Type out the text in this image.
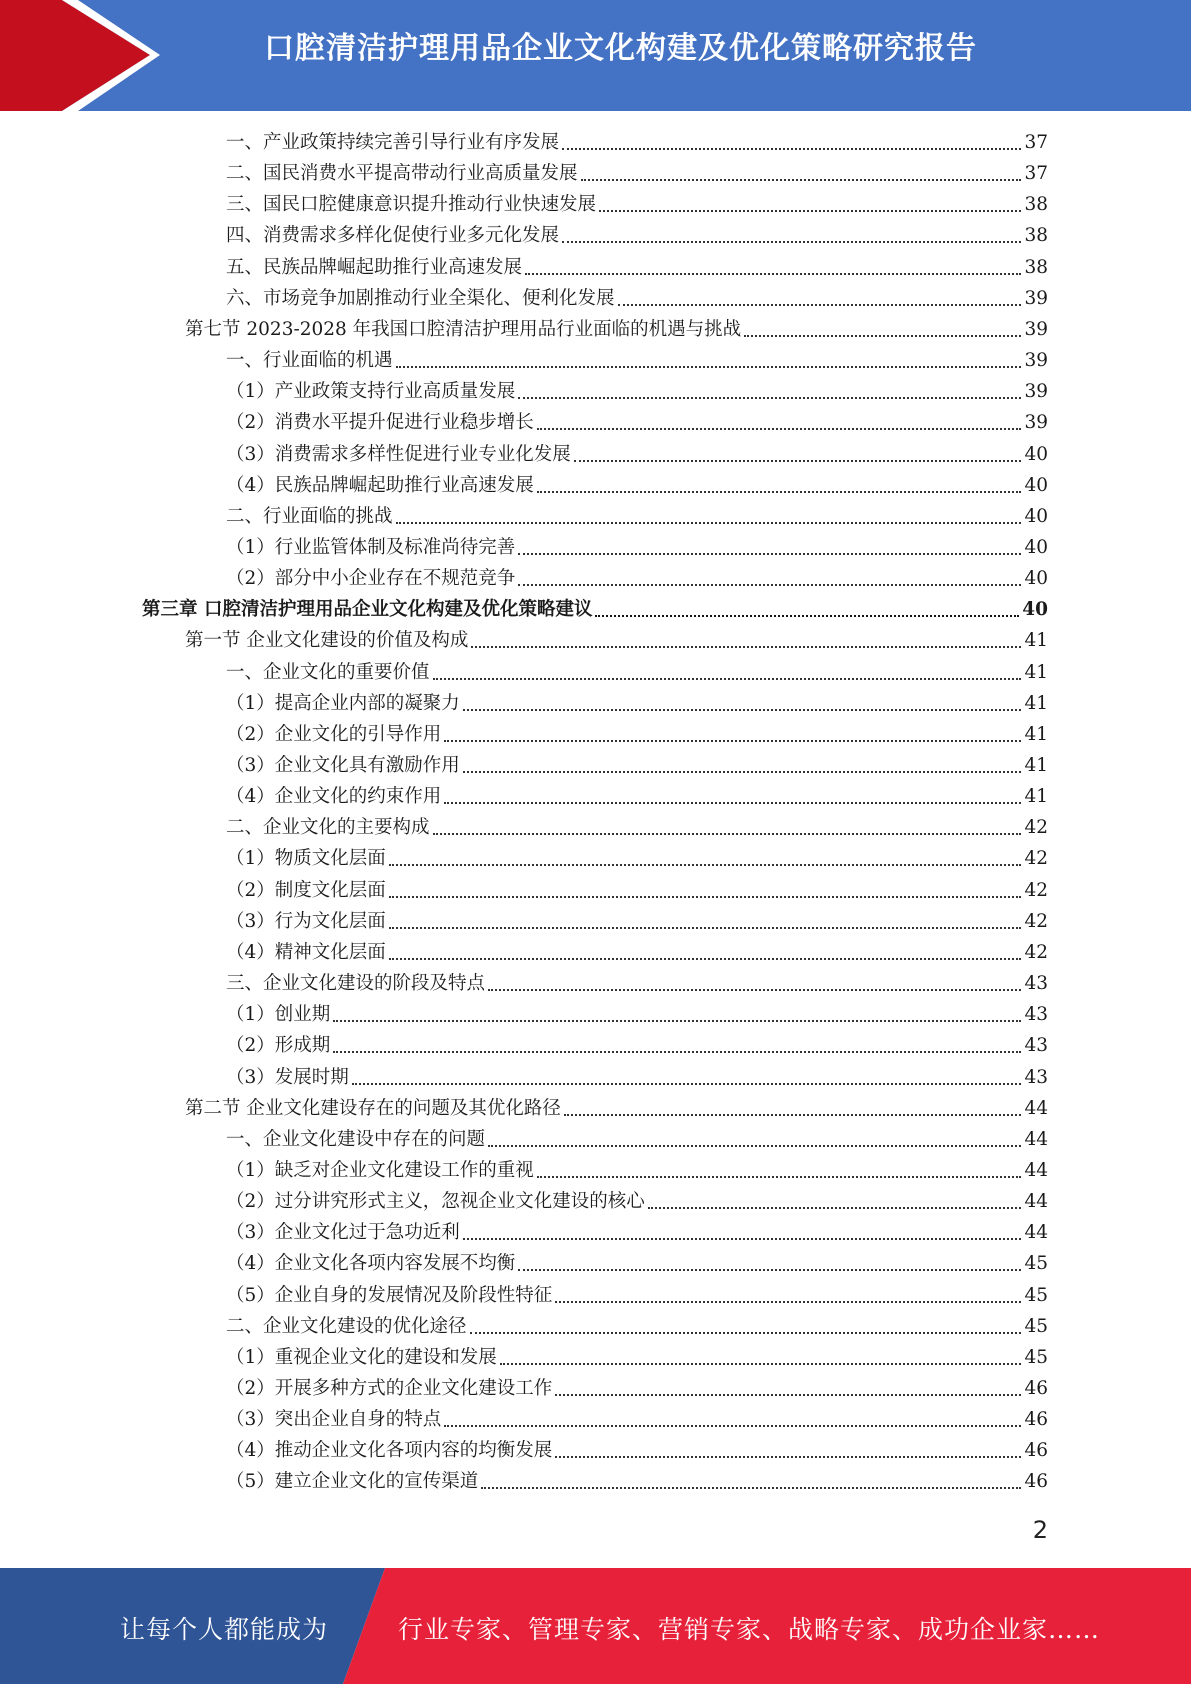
口腔清洁护理用品企业文化构建及优化策略研究报告
一、产业政策持续完善引导行业有序发展	37
二、国民消费水平提高带动行业高质量发展	37
三、国民口腔健康意识提升推动行业快速发展	38
四、消费需求多样化促使行业多元化发展	38
五、民族品牌崛起助推行业高速发展	38
六、市场竞争加剧推动行业全渠化、便利化发展	39
第七节 2023-2028 年我国口腔清洁护理用品行业面临的机遇与挑战	39
一、行业面临的机遇	39
（1）产业政策支持行业高质量发展	39
（2）消费水平提升促进行业稳步增长	39
（3）消费需求多样性促进行业专业化发展	40
（4）民族品牌崛起助推行业高速发展	40
二、行业面临的挑战	40
（1）行业监管体制及标准尚待完善	40
（2）部分中小企业存在不规范竞争	40
第三章 口腔清洁护理用品企业文化构建及优化策略建议	40
第一节 企业文化建设的价值及构成	41
一、企业文化的重要价值	41
（1）提高企业内部的凝聚力	41
（2）企业文化的引导作用	41
（3）企业文化具有激励作用	41
（4）企业文化的约束作用	41
二、企业文化的主要构成	42
（1）物质文化层面	42
（2）制度文化层面	42
（3）行为文化层面	42
（4）精神文化层面	42
三、企业文化建设的阶段及特点	43
（1）创业期	43
（2）形成期	43
（3）发展时期	43
第二节 企业文化建设存在的问题及其优化路径	44
一、企业文化建设中存在的问题	44
（1）缺乏对企业文化建设工作的重视	44
（2）过分讲究形式主义，忽视企业文化建设的核心	44
（3）企业文化过于急功近利	44
（4）企业文化各项内容发展不均衡	45
（5）企业自身的发展情况及阶段性特征	45
二、企业文化建设的优化途径	45
（1）重视企业文化的建设和发展	45
（2）开展多种方式的企业文化建设工作	46
（3）突出企业自身的特点	46
（4）推动企业文化各项内容的均衡发展	46
（5）建立企业文化的宣传渠道	46
2
让每个人都能成为	行业专家、管理专家、营销专家、战略专家、成功企业家……
